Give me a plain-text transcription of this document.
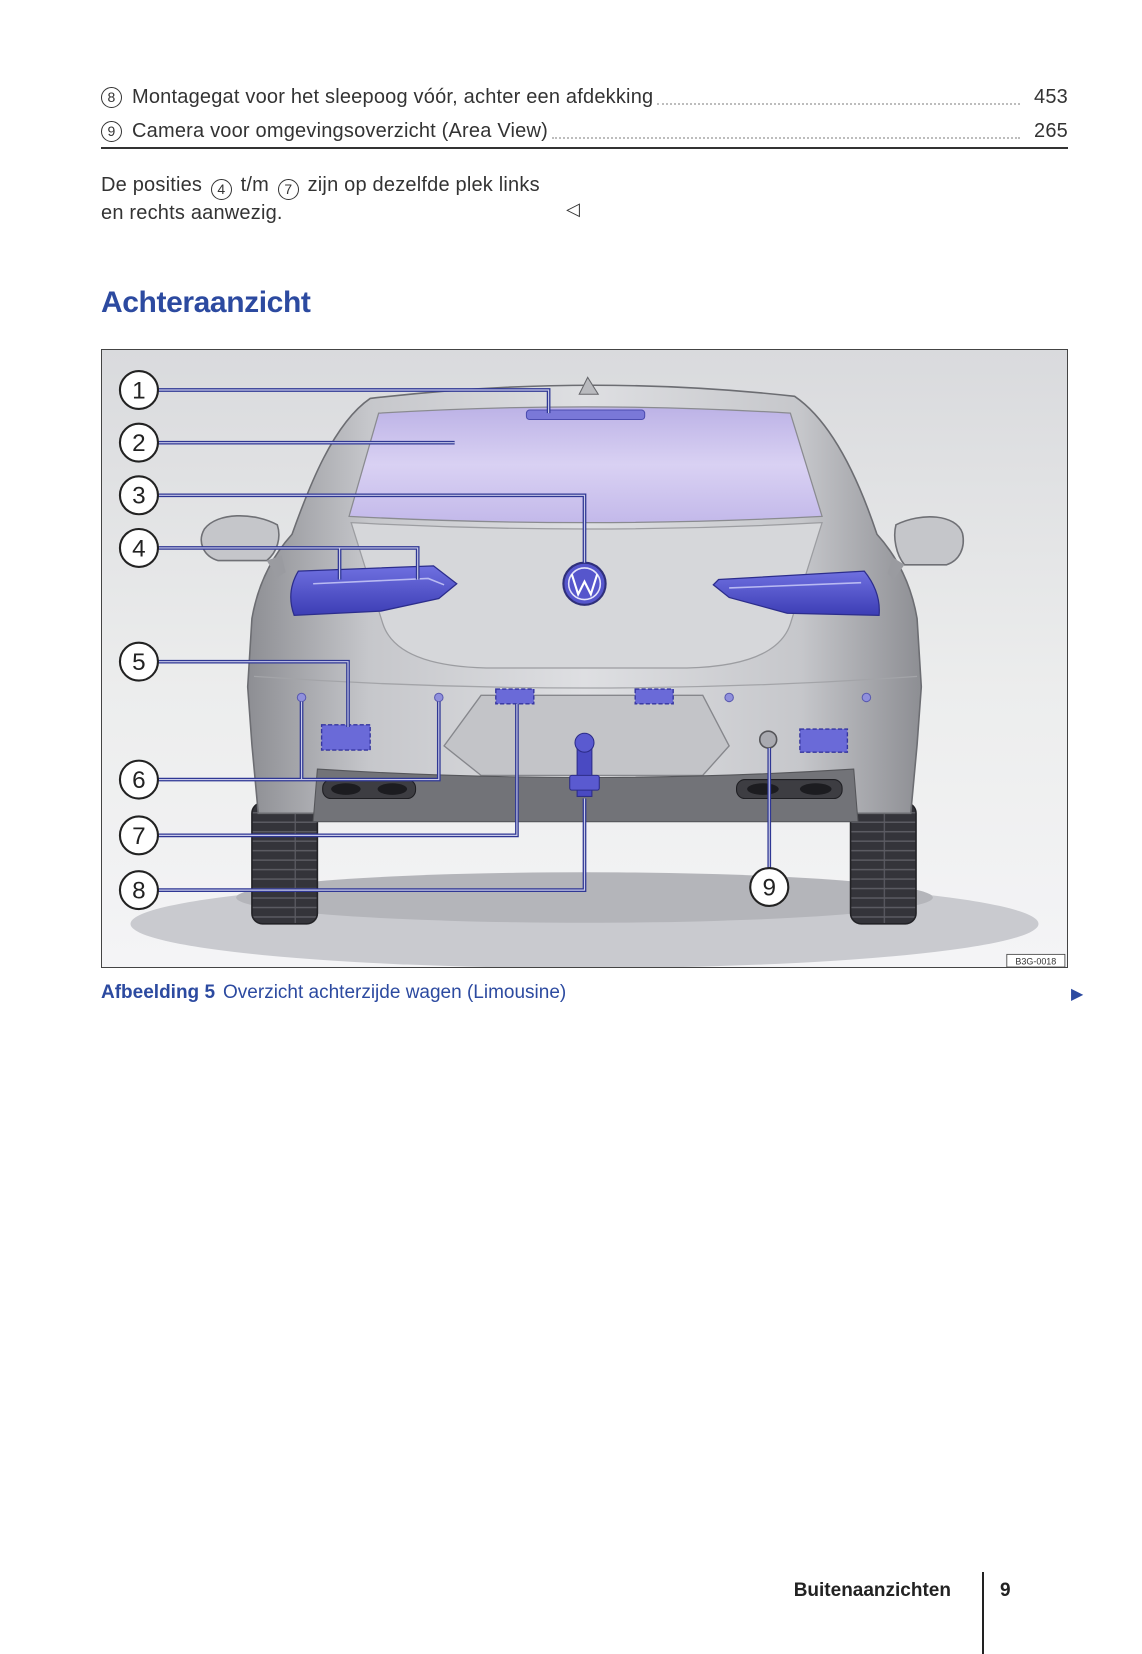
8 Montagegat voor het sleepoog vóór, achter een afdekking	453
9 Camera voor omgevingsoverzicht (Area View)	265
De posities 4 t/m 7 zijn op dezelfde plek links
en rechts aanwezig.	◁
Achteraanzicht
1
2
3
4
5
6
7
8	9
B3G-0018
Afbeelding 5 Overzicht achterzijde wagen (Limousine)	▶
Buitenaanzichten	9
